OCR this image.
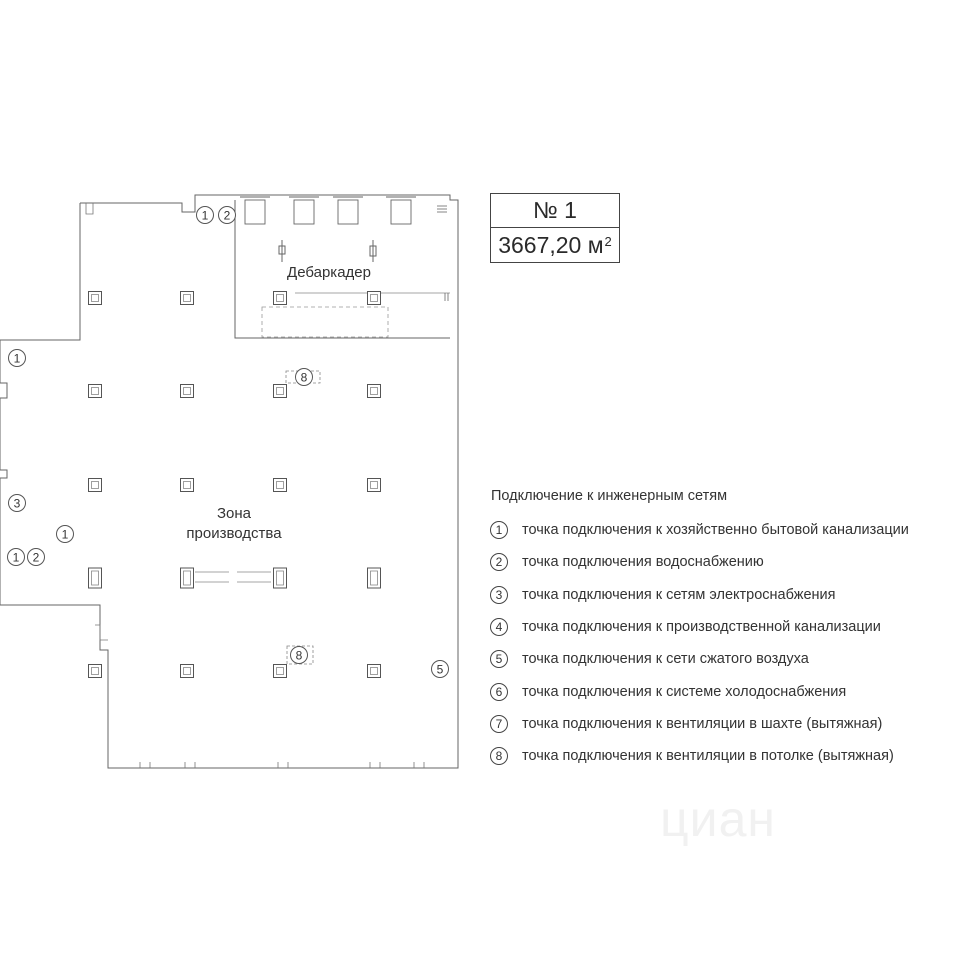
Дебаркадер
Зона
производства
1 2
1
3
1
1 2
8
8
5
№ 1
3667,20 $м^2$
Подключение к инженерным сетям
1	точка подключения к хозяйственно бытовой канализации
2	точка подключения водоснабжению
3	точка подключения к сетям электроснабжения
4	точка подключения к производственной канализации
5	точка подключения к сети сжатого воздуха
6	точка подключения к системе холодоснабжения
7	точка подключения к вентиляции в шахте (вытяжная)
8	точка подключения к вентиляции в потолке (вытяжная)
циан
